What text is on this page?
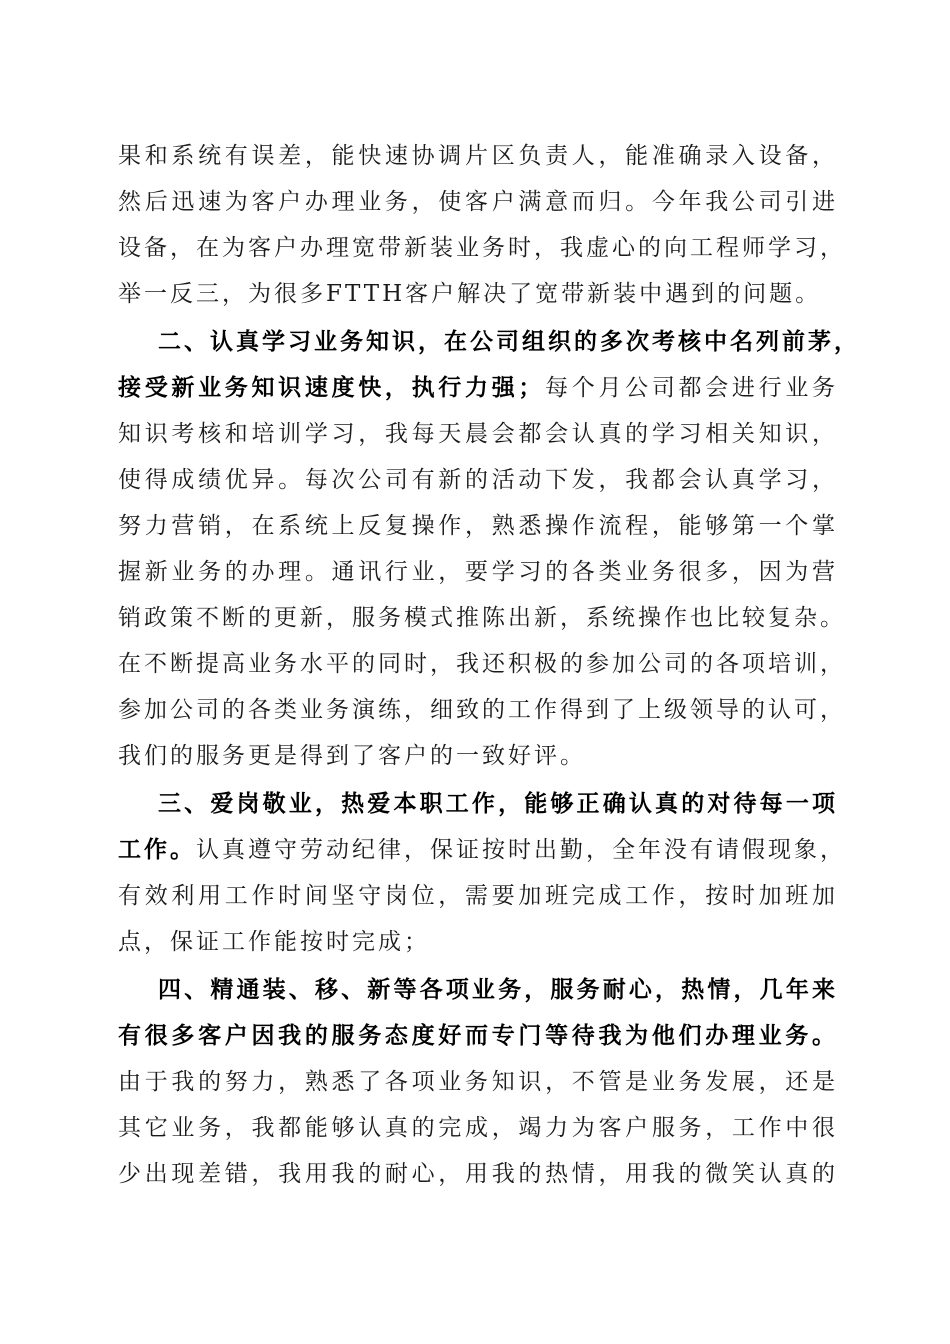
果和系统有误差，能快速协调片区负责人，能准确录入设备，
然后迅速为客户办理业务，使客户满意而归。今年我公司引进
设备，在为客户办理宽带新装业务时，我虚心的向工程师学习，
举一反三，为很多FTTH客户解决了宽带新装中遇到的问题。
二、认真学习业务知识，在公司组织的多次考核中名列前茅，
接受新业务知识速度快，执行力强；每个月公司都会进行业务
知识考核和培训学习，我每天晨会都会认真的学习相关知识，
使得成绩优异。每次公司有新的活动下发，我都会认真学习，
努力营销，在系统上反复操作，熟悉操作流程，能够第一个掌
握新业务的办理。通讯行业，要学习的各类业务很多，因为营
销政策不断的更新，服务模式推陈出新，系统操作也比较复杂。
在不断提高业务水平的同时，我还积极的参加公司的各项培训，
参加公司的各类业务演练，细致的工作得到了上级领导的认可，
我们的服务更是得到了客户的一致好评。
三、爱岗敬业，热爱本职工作，能够正确认真的对待每一项
工作。认真遵守劳动纪律，保证按时出勤，全年没有请假现象，
有效利用工作时间坚守岗位，需要加班完成工作，按时加班加
点，保证工作能按时完成；
四、精通装、移、新等各项业务，服务耐心，热情，几年来
有很多客户因我的服务态度好而专门等待我为他们办理业务。
由于我的努力，熟悉了各项业务知识，不管是业务发展，还是
其它业务，我都能够认真的完成，竭力为客户服务，工作中很
少出现差错，我用我的耐心，用我的热情，用我的微笑认真的
